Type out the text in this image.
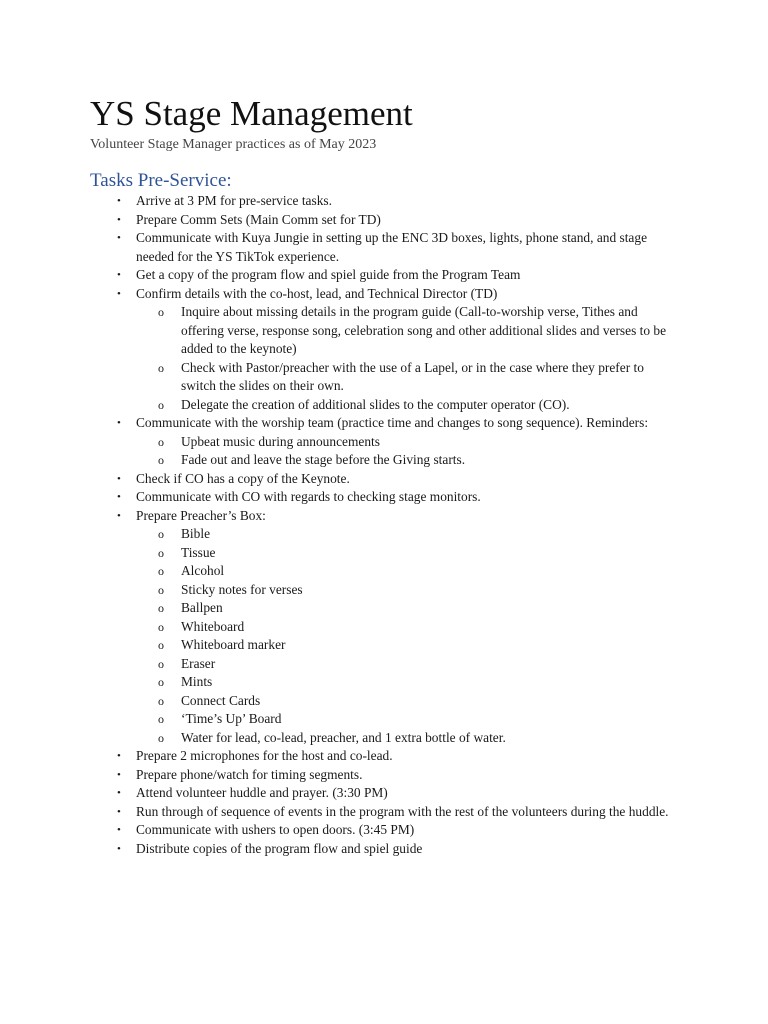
YS Stage Management

Volunteer Stage Manager practices as of May 2023

Tasks Pre-Service:
• Arrive at 3 PM for pre-service tasks.
• Prepare Comm Sets (Main Comm set for TD)
• Communicate with Kuya Jungie in setting up the ENC 3D boxes, lights, phone stand, and stage needed for the YS TikTok experience.
• Get a copy of the program flow and spiel guide from the Program Team
• Confirm details with the co-host, lead, and Technical Director (TD)
o Inquire about missing details in the program guide (Call-to-worship verse, Tithes and offering verse, response song, celebration song and other additional slides and verses to be added to the keynote)
o Check with Pastor/preacher with the use of a Lapel, or in the case where they prefer to switch the slides on their own.
o Delegate the creation of additional slides to the computer operator (CO).
• Communicate with the worship team (practice time and changes to song sequence). Reminders:
o Upbeat music during announcements
o Fade out and leave the stage before the Giving starts.
• Check if CO has a copy of the Keynote.
• Communicate with CO with regards to checking stage monitors.
• Prepare Preacher’s Box:
o Bible
o Tissue
o Alcohol
o Sticky notes for verses
o Ballpen
o Whiteboard
o Whiteboard marker
o Eraser
o Mints
o Connect Cards
o ‘Time’s Up’ Board
o Water for lead, co-lead, preacher, and 1 extra bottle of water.
• Prepare 2 microphones for the host and co-lead.
• Prepare phone/watch for timing segments.
• Attend volunteer huddle and prayer. (3:30 PM)
• Run through of sequence of events in the program with the rest of the volunteers during the huddle.
• Communicate with ushers to open doors. (3:45 PM)
• Distribute copies of the program flow and spiel guide
